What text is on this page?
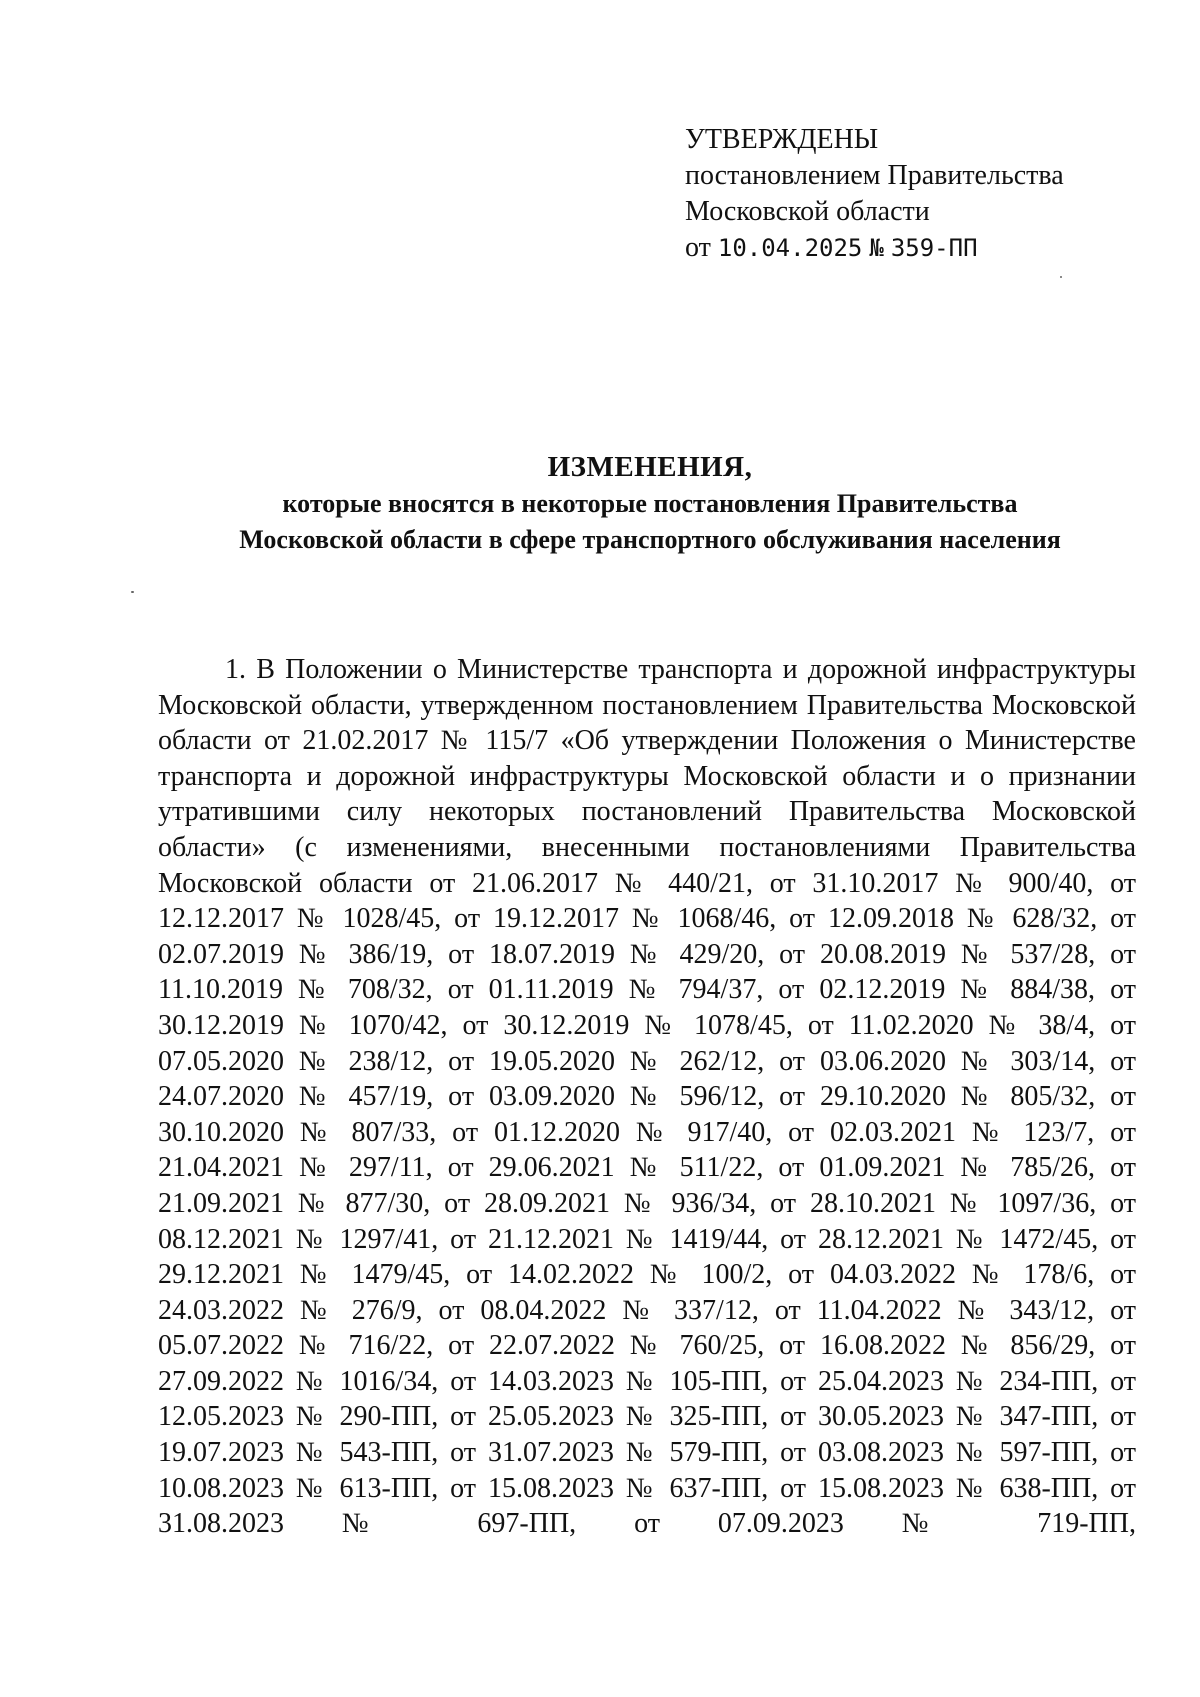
УТВЕРЖДЕНЫ
постановлением Правительства
Московской области
от 10.04.2025 № 359-ПП
ИЗМЕНЕНИЯ,
которые вносятся в некоторые постановления Правительства
Московской области в сфере транспортного обслуживания населения

1. В Положении о Министерстве транспорта и дорожной инфраструктуры Московской области, утвержденном постановлением Правительства Московской области от 21.02.2017 № 115/7 «Об утверждении Положения о Министерстве транспорта и дорожной инфраструктуры Московской области и о признании утратившими силу некоторых постановлений Правительства Московской области» (с изменениями, внесенными постановлениями Правительства Московской области от 21.06.2017 № 440/21, от 31.10.2017 № 900/40, от 12.12.2017 № 1028/45, от 19.12.2017 № 1068/46, от 12.09.2018 № 628/32, от 02.07.2019 № 386/19, от 18.07.2019 № 429/20, от 20.08.2019 № 537/28, от 11.10.2019 № 708/32, от 01.11.2019 № 794/37, от 02.12.2019 № 884/38, от 30.12.2019 № 1070/42, от 30.12.2019 № 1078/45, от 11.02.2020 № 38/4, от 07.05.2020 № 238/12, от 19.05.2020 № 262/12, от 03.06.2020 № 303/14, от 24.07.2020 № 457/19, от 03.09.2020 № 596/12, от 29.10.2020 № 805/32, от 30.10.2020 № 807/33, от 01.12.2020 № 917/40, от 02.03.2021 № 123/7, от 21.04.2021 № 297/11, от 29.06.2021 № 511/22, от 01.09.2021 № 785/26, от 21.09.2021 № 877/30, от 28.09.2021 № 936/34, от 28.10.2021 № 1097/36, от 08.12.2021 № 1297/41, от 21.12.2021 № 1419/44, от 28.12.2021 № 1472/45, от 29.12.2021 № 1479/45, от 14.02.2022 № 100/2, от 04.03.2022 № 178/6, от 24.03.2022 № 276/9, от 08.04.2022 № 337/12, от 11.04.2022 № 343/12, от 05.07.2022 № 716/22, от 22.07.2022 № 760/25, от 16.08.2022 № 856/29, от 27.09.2022 № 1016/34, от 14.03.2023 № 105-ПП, от 25.04.2023 № 234-ПП, от 12.05.2023 № 290-ПП, от 25.05.2023 № 325-ПП, от 30.05.2023 № 347-ПП, от 19.07.2023 № 543-ПП, от 31.07.2023 № 579-ПП, от 03.08.2023 № 597-ПП, от 10.08.2023 № 613-ПП, от 15.08.2023 № 637-ПП, от 15.08.2023 № 638-ПП, от 31.08.2023 № 697-ПП, от 07.09.2023 № 719-ПП,
